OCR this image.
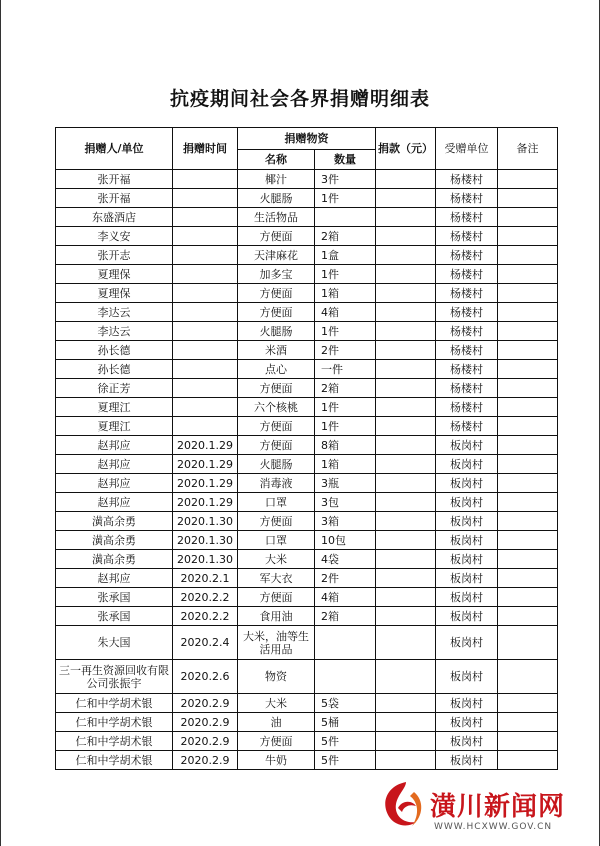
抗疫期间社会各界捐赠明细表
捐赠人/单位	捐赠时间	捐赠物资		捐款（元）	受赠单位	备注
		名称	数量			
张开福		椰汁	3件		杨楼村	
张开福		火腿肠	1件		杨楼村	
东盛酒店		生活物品			杨楼村	
李义安		方便面	2箱		杨楼村	
张开志		天津麻花	1盒		杨楼村	
夏理保		加多宝	1件		杨楼村	
夏理保		方便面	1箱		杨楼村	
李达云		方便面	4箱		杨楼村	
李达云		火腿肠	1件		杨楼村	
孙长德		米酒	2件		杨楼村	
孙长德		点心	一件		杨楼村	
徐正芳		方便面	2箱		杨楼村	
夏理江		六个核桃	1件		杨楼村	
夏理江		方便面	1件		杨楼村	
赵邦应	2020.1.29	方便面	8箱		板岗村	
赵邦应	2020.1.29	火腿肠	1箱		板岗村	
赵邦应	2020.1.29	消毒液	3瓶		板岗村	
赵邦应	2020.1.29	口罩	3包		板岗村	
潢高余勇	2020.1.30	方便面	3箱		板岗村	
潢高余勇	2020.1.30	口罩	10包		板岗村	
潢高余勇	2020.1.30	大米	4袋		板岗村	
赵邦应	2020.2.1	军大衣	2件		板岗村	
张承国	2020.2.2	方便面	4箱		板岗村	
张承国	2020.2.2	食用油	2箱		板岗村	
朱大国	2020.2.4	大米，油等生活用品			板岗村	
三一再生资源回收有限公司张振宇	2020.2.6	物资			板岗村	
仁和中学胡术银	2020.2.9	大米	5袋		板岗村	
仁和中学胡术银	2020.2.9	油	5桶		板岗村	
仁和中学胡术银	2020.2.9	方便面	5件		板岗村	
仁和中学胡术银	2020.2.9	牛奶	5件		板岗村	
潢川新闻网
WWW.HCXWW.GOV.CN
